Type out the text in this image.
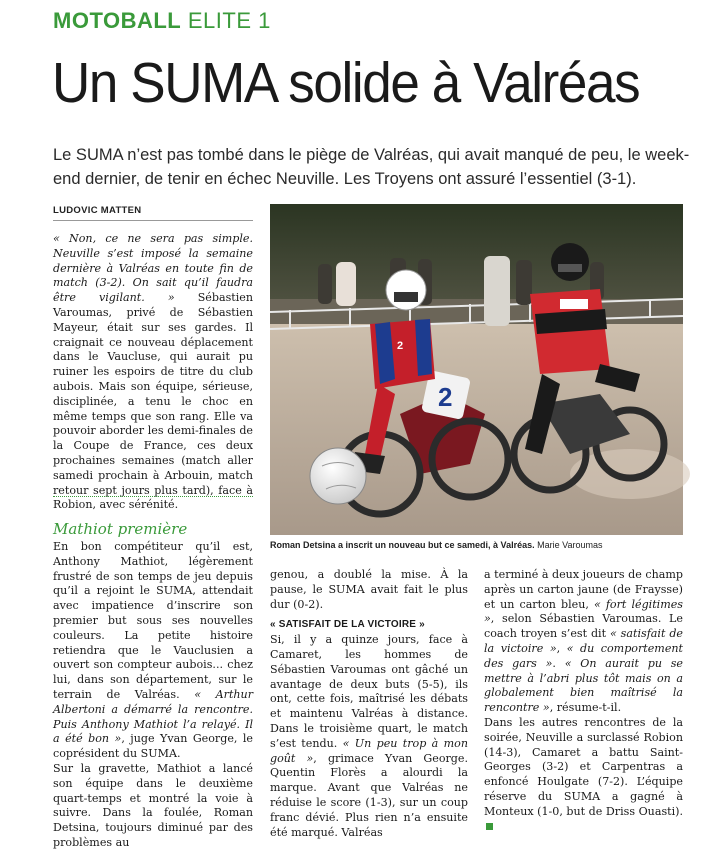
MOTOBALL ELITE 1
Un SUMA solide à Valréas

Le SUMA n’est pas tombé dans le piège de Valréas, qui avait manqué de peu, le week-end dernier, de tenir en échec Neuville. Les Troyens ont assuré l’essentiel (3-1).

LUDOVIC MATTEN

« Non, ce ne sera pas simple. Neuville s’est imposé la semaine dernière à Valréas en toute fin de match (3-2). On sait qu’il faudra être vigilant. » Sébastien Varoumas, privé de Sébastien Mayeur, était sur ses gardes. Il craignait ce nouveau déplacement dans le Vaucluse, qui aurait pu ruiner les espoirs de titre du club aubois. Mais son équipe, sérieuse, disciplinée, a tenu le choc en même temps que son rang. Elle va pouvoir aborder les demi-finales de la Coupe de France, ces deux prochaines semaines (match aller samedi prochain à Arbouin, match retour sept jours plus tard), face à Robion, avec sérénité.

Mathiot première

En bon compétiteur qu’il est, Anthony Mathiot, légèrement frustré de son temps de jeu depuis qu’il a rejoint le SUMA, attendait avec impatience d’inscrire son premier but sous ses nouvelles couleurs. La petite histoire retiendra que le Vauclusien a ouvert son compteur aubois... chez lui, dans son département, sur le terrain de Valréas. « Arthur Albertoni a démarré la rencontre. Puis Anthony Mathiot l’a relayé. Il a été bon », juge Yvan George, le coprésident du SUMA.

Sur la gravette, Mathiot a lancé son équipe dans le deuxième quart-temps et montré la voie à suivre. Dans la foulée, Roman Detsina, toujours diminué par des problèmes au

2
2
Roman Detsina a inscrit un nouveau but ce samedi, à Valréas. Marie Varoumas

genou, a doublé la mise. À la pause, le SUMA avait fait le plus dur (0-2).

« SATISFAIT DE LA VICTOIRE »

Si, il y a quinze jours, face à Camaret, les hommes de Sébastien Varoumas ont gâché un avantage de deux buts (5-5), ils ont, cette fois, maîtrisé les débats et maintenu Valréas à distance. Dans le troisième quart, le match s’est tendu. « Un peu trop à mon goût », grimace Yvan George. Quentin Florès a alourdi la marque. Avant que Valréas ne réduise le score (1-3), sur un coup franc dévié. Plus rien n’a ensuite été marqué. Valréas

a terminé à deux joueurs de champ après un carton jaune (de Fraysse) et un carton bleu, « fort légitimes », selon Sébastien Varoumas. Le coach troyen s’est dit « satisfait de la victoire », « du comportement des gars ». « On aurait pu se mettre à l’abri plus tôt mais on a globalement bien maîtrisé la rencontre », résume-t-il.

Dans les autres rencontres de la soirée, Neuville a surclassé Robion (14-3), Camaret a battu Saint-Georges (3-2) et Carpentras a enfoncé Houlgate (7-2). L’équipe réserve du SUMA a gagné à Monteux (1-0, but de Driss Ouasti).
